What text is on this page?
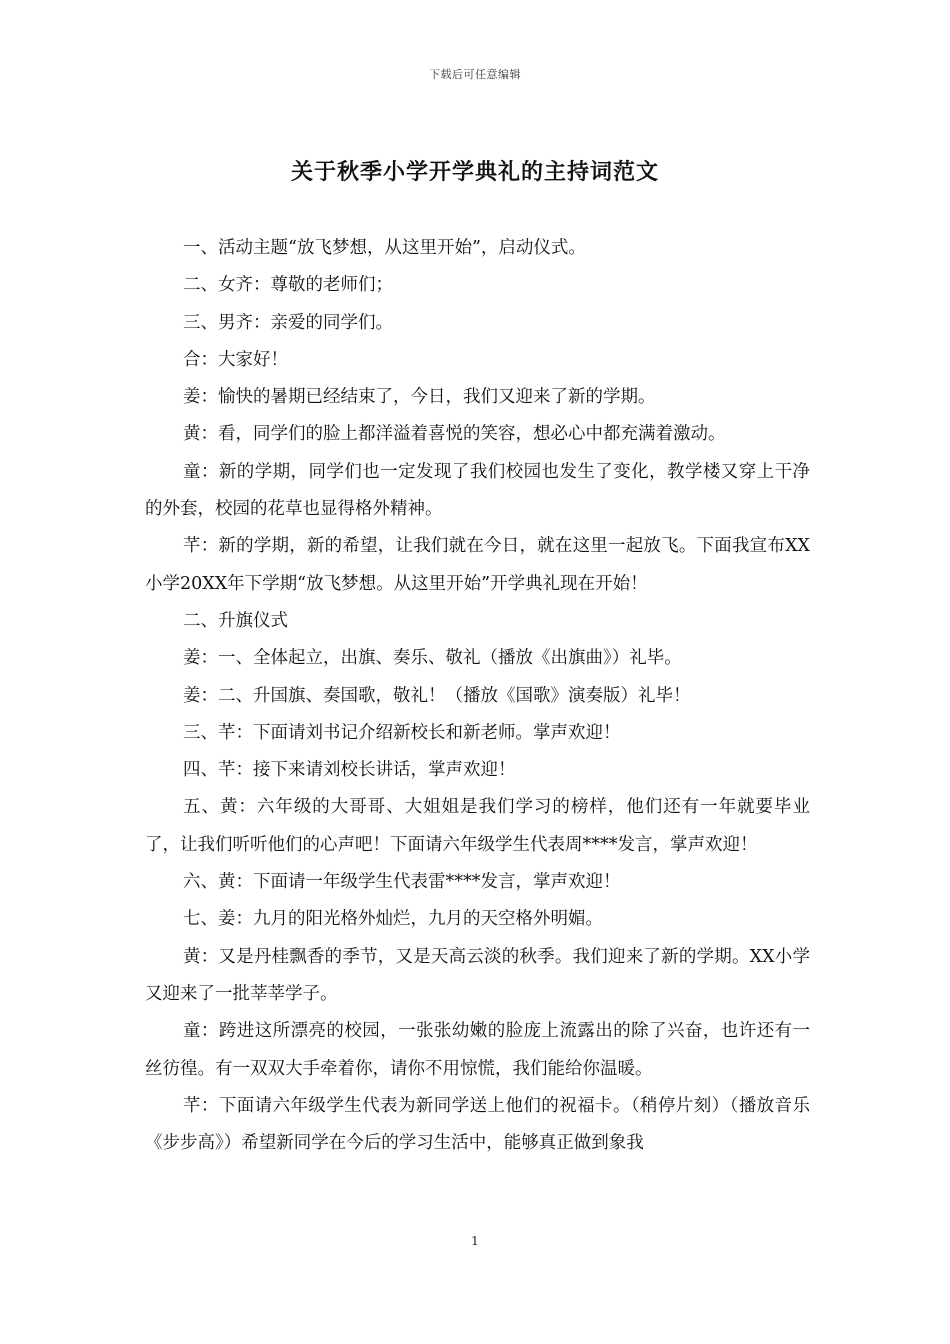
下载后可任意编辑
关于秋季小学开学典礼的主持词范文

一、活动主题“放飞梦想，从这里开始”，启动仪式。

二、女齐：尊敬的老师们；

三、男齐：亲爱的同学们。

合：大家好！

姜：愉快的暑期已经结束了，今日，我们又迎来了新的学期。

黄：看，同学们的脸上都洋溢着喜悦的笑容，想必心中都充满着激动。

童：新的学期，同学们也一定发现了我们校园也发生了变化，教学楼又穿上干净的外套，校园的花草也显得格外精神。

芊：新的学期，新的希望，让我们就在今日，就在这里一起放飞。下面我宣布XX小学20XX年下学期“放飞梦想。从这里开始”开学典礼现在开始！

二、升旗仪式

姜：一、全体起立，出旗、奏乐、敬礼（播放《出旗曲》）礼毕。

姜：二、升国旗、奏国歌，敬礼！（播放《国歌》演奏版）礼毕！

三、芊：下面请刘书记介绍新校长和新老师。掌声欢迎！

四、芊：接下来请刘校长讲话，掌声欢迎！

五、黄：六年级的大哥哥、大姐姐是我们学习的榜样，他们还有一年就要毕业了，让我们听听他们的心声吧！下面请六年级学生代表周****发言，掌声欢迎！

六、黄：下面请一年级学生代表雷****发言，掌声欢迎！

七、姜：九月的阳光格外灿烂，九月的天空格外明媚。

黄：又是丹桂飘香的季节，又是天高云淡的秋季。我们迎来了新的学期。XX小学又迎来了一批莘莘学子。

童：跨进这所漂亮的校园，一张张幼嫩的脸庞上流露出的除了兴奋，也许还有一丝彷徨。有一双双大手牵着你，请你不用惊慌，我们能给你温暖。

芊：下面请六年级学生代表为新同学送上他们的祝福卡。（稍停片刻）（播放音乐《步步高》）希望新同学在今后的学习生活中，能够真正做到象我

1
